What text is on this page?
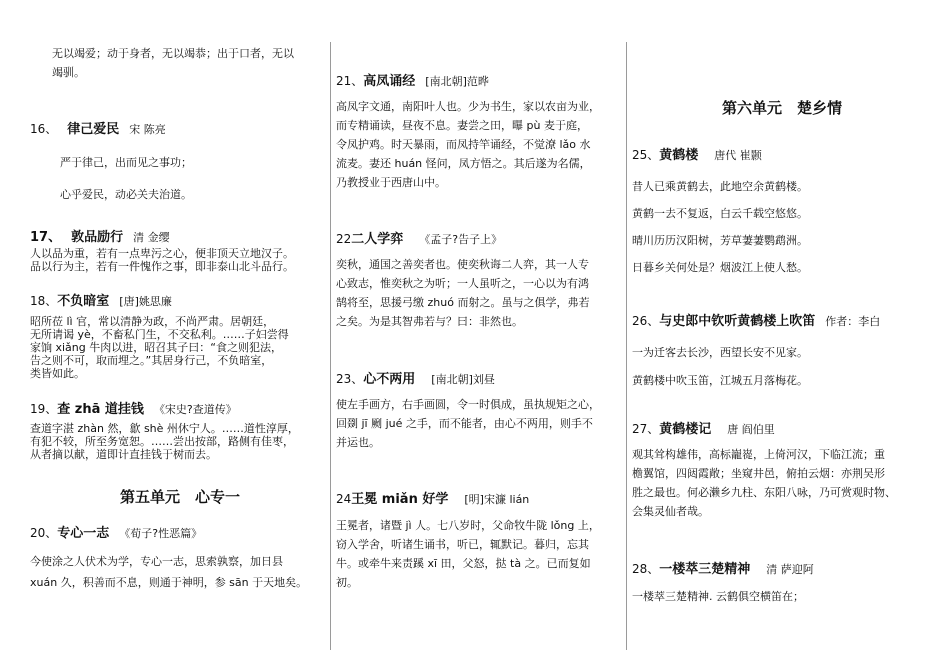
无以竭爱；动于身者，无以竭恭；出于口者，无以

竭驯。

16、 律己爱民 宋 陈亮

严于律己，出而见之事功；

心乎爱民，动必关夫治道。

17、 敦品励行 清 金缨

人以品为重，若有一点卑污之心，便非顶天立地汉子。

品以行为主，若有一件愧作之事，即非泰山北斗品行。

18、不负暗室 [唐]姚思廉

昭所莅 lì 官，常以清静为政，不尚严肃。居朝廷，

无所请谒 yè，不畜私门生，不交私利。……子妇尝得

家饷 xiǎng 牛肉以进，昭召其子曰：“食之则犯法，

告之则不可，取而埋之。”其居身行己，不负暗室，

类皆如此。

19、查 zhā 道挂钱 《宋史?查道传》

查道字湛 zhàn 然，歙 shè 州休宁人。……道性淳厚，

有犯不较，所至务宽恕。……尝出按部，路侧有佳枣，

从者摘以献，道即计直挂钱于树而去。

第五单元　心专一
20、专心一志 《荀子?性恶篇》

今使涂之人伏术为学，专心一志，思索孰察，加日县

xuán 久，积善而不息，则通于神明，参 sān 于天地矣。

21、高凤诵经 [南北朝]范晔

高凤字文通，南阳叶人也。少为书生，家以农亩为业，

而专精诵读，昼夜不息。妻尝之田，曝 pù 麦于庭，

令凤护鸡。时天暴雨，而凤持竿诵经，不觉潦 lǎo 水

流麦。妻还 huán 怪问，凤方悟之。其后遂为名儒，

乃教授业于西唐山中。

22二人学弈 《孟子?告子上》

奕秋，通国之善奕者也。使奕秋诲二人弈，其一人专

心致志，惟奕秋之为听；一人虽听之，一心以为有鸿

鹄将至，思援弓缴 zhuó 而射之。虽与之俱学，弗若

之矣。为是其智弗若与？曰：非然也。

23、心不两用 [南北朝]刘昼

使左手画方，右手画圆，令一时俱成，虽执规矩之心，

回剟 jī 劂 jué 之手，而不能者，由心不两用，则手不

并运也。

24王冕 miǎn 好学 [明]宋濂 lián

王冕者，诸暨 jì 人。七八岁时，父命牧牛陇 lǒng 上，

窃入学舍，听诸生诵书，听已，辄默记。暮归，忘其

牛。或牵牛来责蹊 xī 田，父怒，挞 tà 之。已而复如

初。

第六单元　楚乡情
25、黄鹤楼 唐代 崔颢

昔人已乘黄鹤去，此地空余黄鹤楼。

黄鹤一去不复返，白云千载空悠悠。

晴川历历汉阳树，芳草萋萋鹦鹉洲。

日暮乡关何处是？烟波江上使人愁。

26、与史郎中钦听黄鹤楼上吹笛 作者：李白

一为迁客去长沙，西望长安不见家。

黄鹤楼中吹玉笛，江城五月落梅花。

27、黄鹤楼记 唐 阎伯里

观其耸构雄伟，高标巃嵸，上倚河汉，下临江流；重

檐翼馆，四闼霞敞；坐窥井邑，俯拍云烟：亦荆吴形

胜之最也。何必濑乡九柱、东阳八咏，乃可赏观时物、

会集灵仙者哉。

28、一楼萃三楚精神 清 萨迎阿

一楼萃三楚精神. 云鹤俱空横笛在；
